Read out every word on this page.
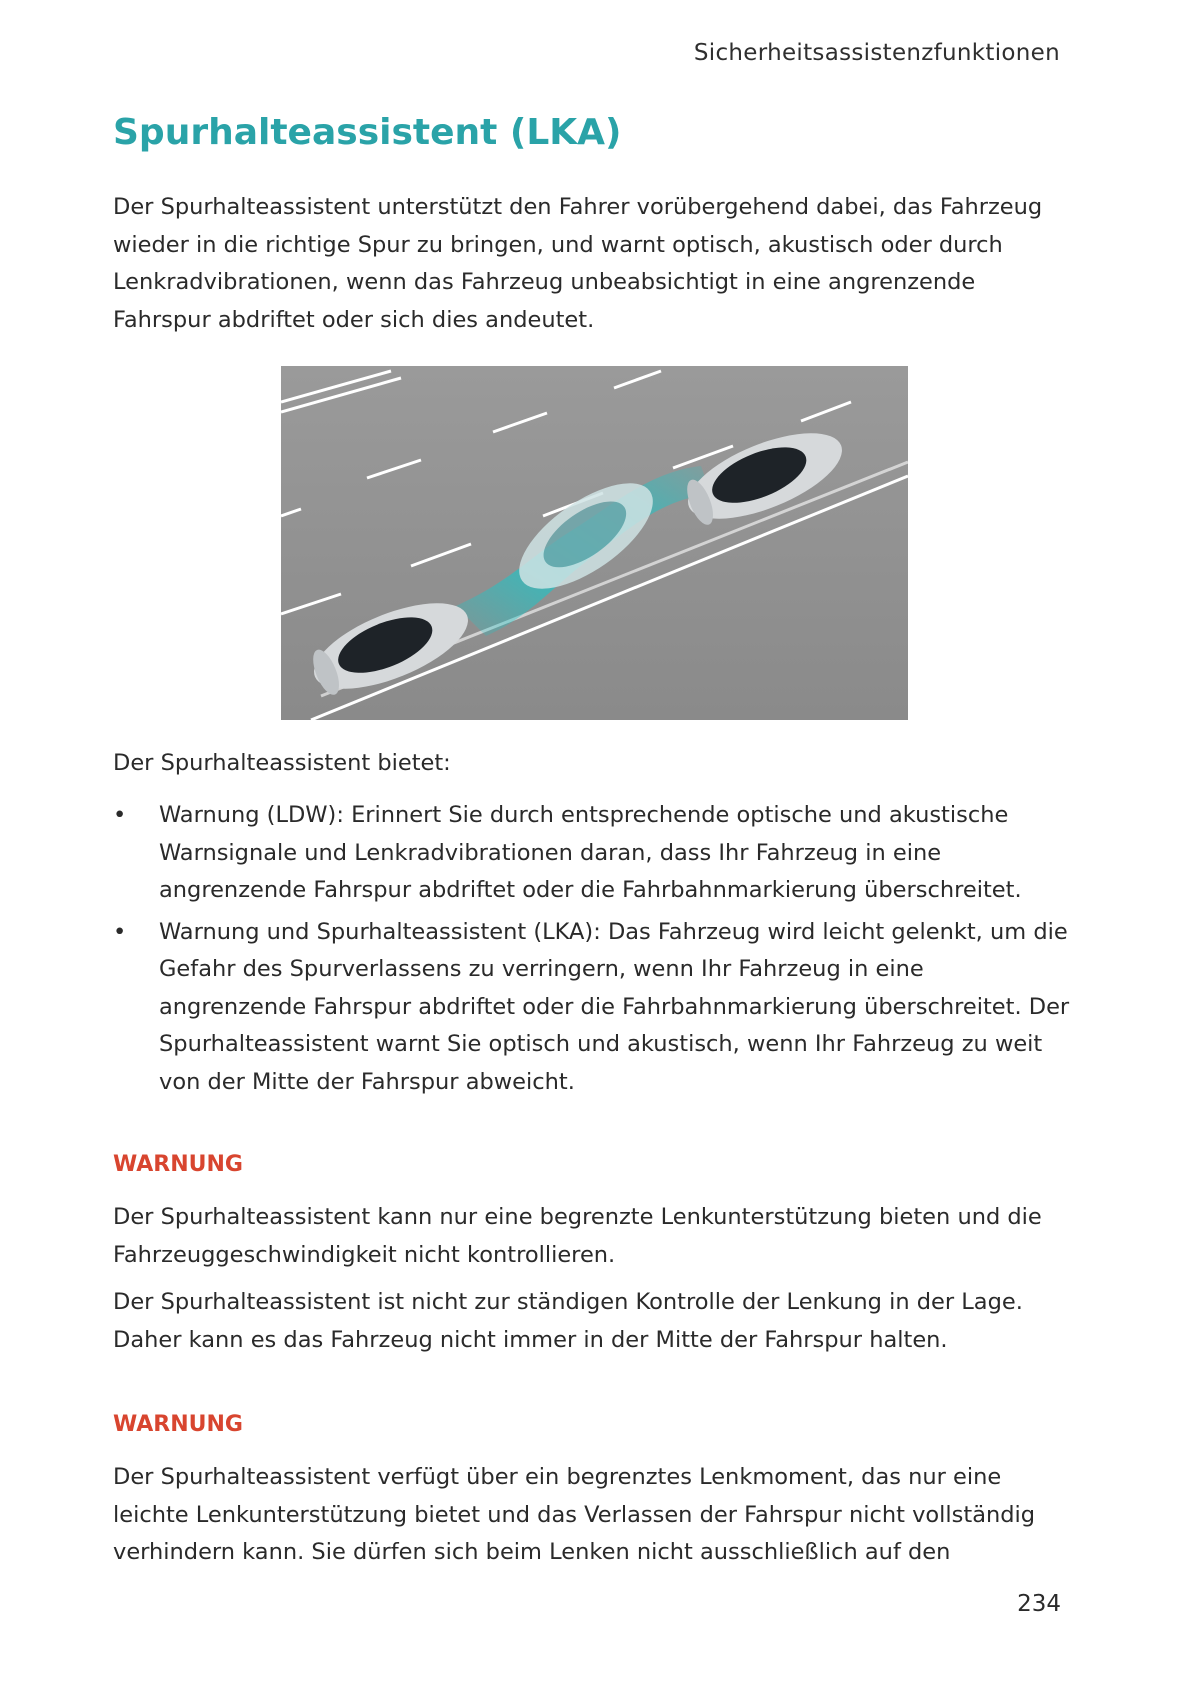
Sicherheitsassistenzfunktionen
Spurhalteassistent (LKA)

Der Spurhalteassistent unterstützt den Fahrer vorübergehend dabei, das Fahrzeug wieder in die richtige Spur zu bringen, und warnt optisch, akustisch oder durch Lenkradvibrationen, wenn das Fahrzeug unbeabsichtigt in eine angrenzende Fahrspur abdriftet oder sich dies andeutet.

Der Spurhalteassistent bietet:

• Warnung (LDW): Erinnert Sie durch entsprechende optische und akustische Warnsignale und Lenkradvibrationen daran, dass Ihr Fahrzeug in eine angrenzende Fahrspur abdriftet oder die Fahrbahnmarkierung überschreitet.
• Warnung und Spurhalteassistent (LKA): Das Fahrzeug wird leicht gelenkt, um die Gefahr des Spurverlassens zu verringern, wenn Ihr Fahrzeug in eine angrenzende Fahrspur abdriftet oder die Fahrbahnmarkierung überschreitet. Der Spurhalteassistent warnt Sie optisch und akustisch, wenn Ihr Fahrzeug zu weit von der Mitte der Fahrspur abweicht.

WARNUNG

Der Spurhalteassistent kann nur eine begrenzte Lenkunterstützung bieten und die Fahrzeuggeschwindigkeit nicht kontrollieren.

Der Spurhalteassistent ist nicht zur ständigen Kontrolle der Lenkung in der Lage. Daher kann es das Fahrzeug nicht immer in der Mitte der Fahrspur halten.

WARNUNG

Der Spurhalteassistent verfügt über ein begrenztes Lenkmoment, das nur eine leichte Lenkunterstützung bietet und das Verlassen der Fahrspur nicht vollständig verhindern kann. Sie dürfen sich beim Lenken nicht ausschließlich auf den

234
